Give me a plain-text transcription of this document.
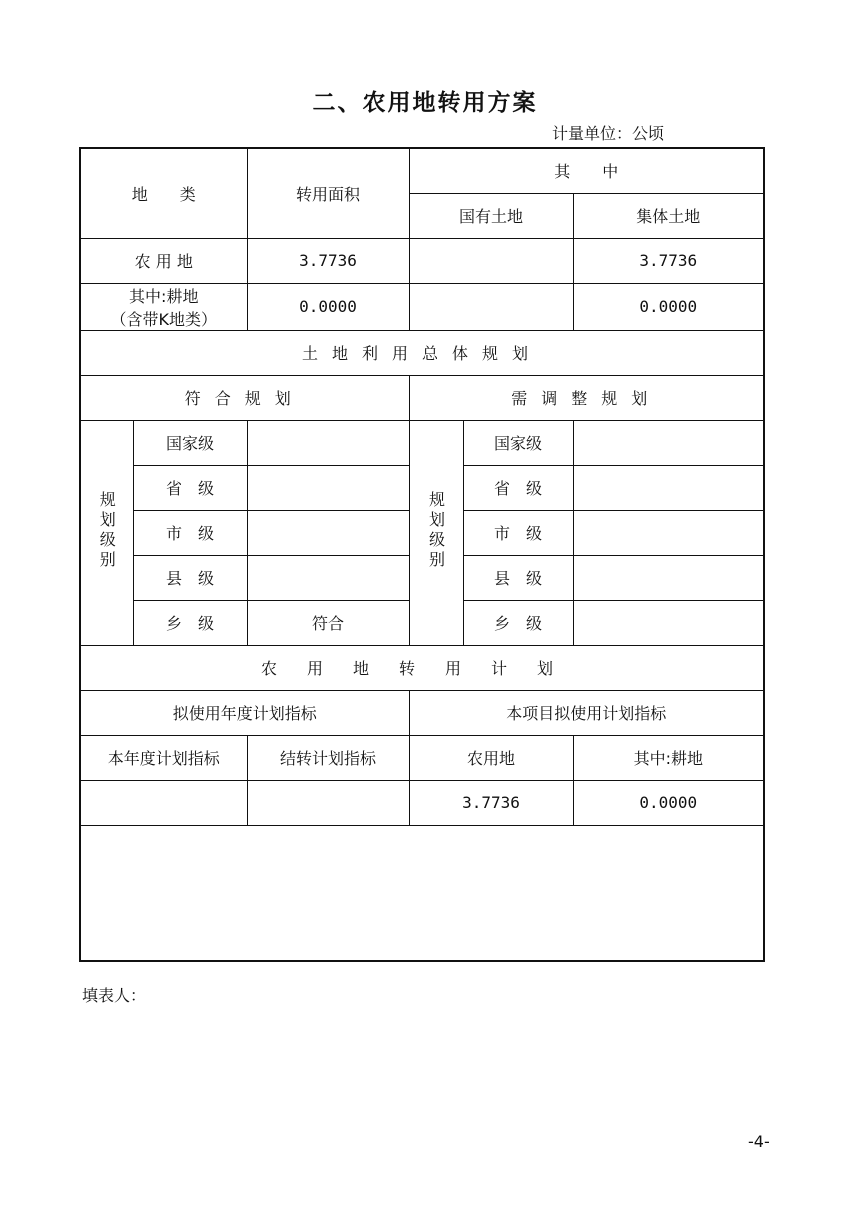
二、农用地转用方案
计量单位：公顷
地　　类		转用面积	其　　中		
			国有土地		集体土地
农 用 地		3.7736			3.7736

其中:耕地
（含带K地类）		0.0000			0.0000
土地利用总体规划					
符合规划			需调整规划		
规划级别	国家级		规划级别	国家级	
	省　级			省　级	
	市　级			市　级	
	县　级			县　级	
	乡　级	符合		乡　级	
农用地转用计划					
拟使用年度计划指标			本项目拟使用计划指标		
本年度计划指标		结转计划指标	农用地		其中:耕地
			3.7736		0.0000

填表人：
-4-
